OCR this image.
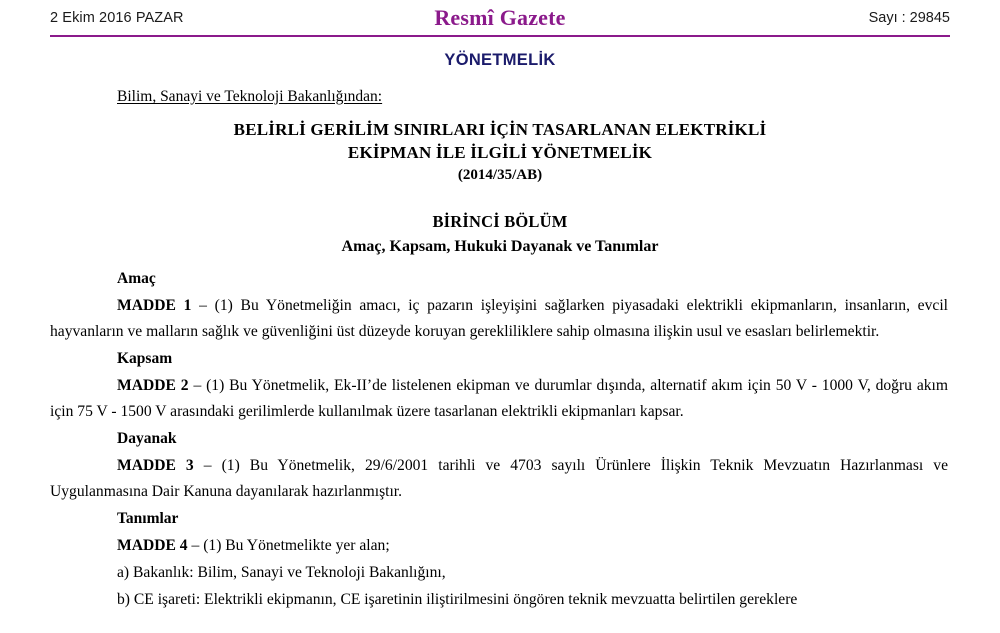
2 Ekim 2016 PAZAR	Resmî Gazete	Sayı : 29845
YÖNETMELİK
Bilim, Sanayi ve Teknoloji Bakanlığından:
BELİRLİ GERİLİM SINIRLARI İÇİN TASARLANAN ELEKTRİKLİ
EKİPMAN İLE İLGİLİ YÖNETMELİK
(2014/35/AB)
BİRİNCİ BÖLÜM
Amaç, Kapsam, Hukuki Dayanak ve Tanımlar
Amaç

MADDE 1 – (1) Bu Yönetmeliğin amacı, iç pazarın işleyişini sağlarken piyasadaki elektrikli ekipmanların, insanların, evcil hayvanların ve malların sağlık ve güvenliğini üst düzeyde koruyan gerekliliklere sahip olmasına ilişkin usul ve esasları belirlemektir.

Kapsam

MADDE 2 – (1) Bu Yönetmelik, Ek-II’de listelenen ekipman ve durumlar dışında, alternatif akım için 50 V - 1000 V, doğru akım için 75 V - 1500 V arasındaki gerilimlerde kullanılmak üzere tasarlanan elektrikli ekipmanları kapsar.

Dayanak

MADDE 3 – (1) Bu Yönetmelik, 29/6/2001 tarihli ve 4703 sayılı Ürünlere İlişkin Teknik Mevzuatın Hazırlanması ve Uygulanmasına Dair Kanuna dayanılarak hazırlanmıştır.

Tanımlar

MADDE 4 – (1) Bu Yönetmelikte yer alan;

a) Bakanlık: Bilim, Sanayi ve Teknoloji Bakanlığını,

b) CE işareti: Elektrikli ekipmanın, CE işaretinin iliştirilmesini öngören teknik mevzuatta belirtilen gereklere
